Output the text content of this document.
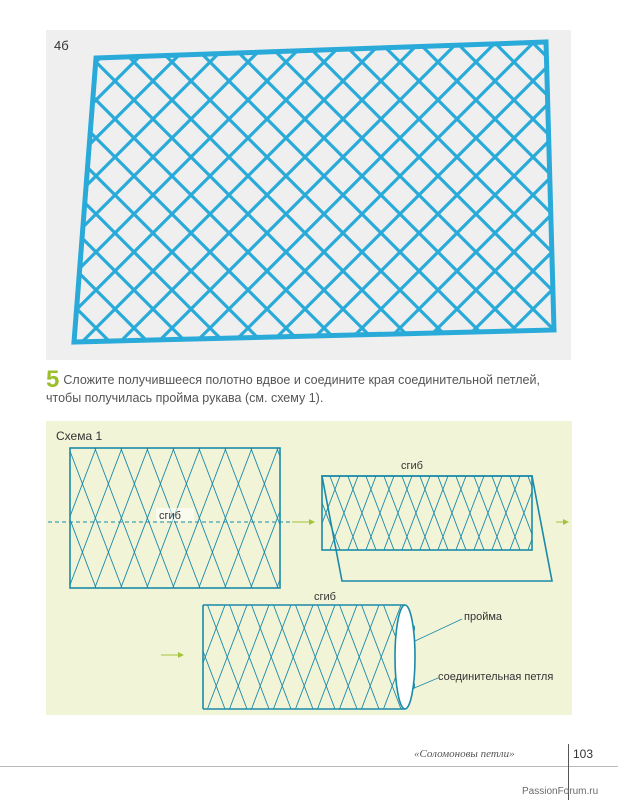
4б
5 Сложите получившееся полотно вдвое и соедините края соединительной петлей, чтобы получилась пройма рукава (см. схему 1).
Схема 1
сгиб
сгиб
сгиб
пройма
соединительная петля
«Соломоновы петли»	103
PassionForum.ru
